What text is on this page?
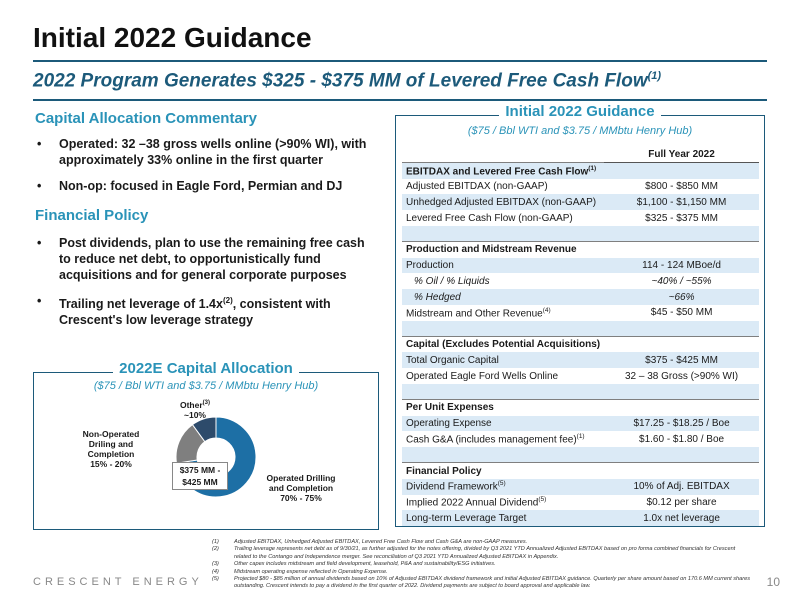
Initial 2022 Guidance
2022 Program Generates $325 - $375 MM of Levered Free Cash Flow$^{(1)}$
Capital Allocation Commentary
• Operated: 32 –38 gross wells online (>90% WI), with approximately 33% online in the first quarter
• Non-op: focused in Eagle Ford, Permian and DJ
Financial Policy
• Post dividends, plan to use the remaining free cash to reduce net debt, to opportunistically fund acquisitions and for general corporate purposes
• Trailing net leverage of $1.4x^{(2)}$, consistent with Crescent's low leverage strategy
2022E Capital Allocation
($75 / Bbl WTI and $3.75 / MMbtu Henry Hub)
$375 MM -
$425 MM
Other$^{(3)}$
~10%
Non-Operated Driling and Completion
15% - 20%
Operated Drilling and Completion
70% - 75%
Initial 2022 Guidance
($75 / Bbl WTI and $3.75 / MMbtu Henry Hub)
	Full Year 2022
EBITDAX and Levered Free Cash Flow$^{(1)}$	
Adjusted EBITDAX (non-GAAP)	$800 - $850 MM
Unhedged Adjusted EBITDAX (non-GAAP)	$1,100 - $1,150 MM
Levered Free Cash Flow (non-GAAP)	$325 - $375 MM

Production and Midstream Revenue	
Production	114 - 124 MBoe/d
% Oil / % Liquids	~40% / ~55%
% Hedged	~66%
Midstream and Other Revenue$^{(4)}$	$45 - $50 MM

Capital (Excludes Potential Acquisitions)	
Total Organic Capital	$375 - $425 MM
Operated Eagle Ford Wells Online	32 – 38 Gross (>90% WI)

Per Unit Expenses	
Operating Expense	$17.25 - $18.25 / Boe
Cash G&A (includes management fee)$^{(1)}$	$1.60 - $1.80 / Boe

Financial Policy	
Dividend Framework$^{(5)}$	10% of Adj. EBITDAX
Implied 2022 Annual Dividend$^{(5)}$	$0.12 per share
Long-term Leverage Target	1.0x net leverage
(1)	Adjusted EBITDAX, Unhedged Adjusted EBITDAX, Levered Free Cash Flow and Cash G&A are non-GAAP measures.
(2)	Trailing leverage represents net debt as of 9/30/21, as further adjusted for the notes offering, divided by Q3 2021 YTD Annualized Adjusted EBITDAX based on pro forma combined financials for Crescent related to the Contango and Independence merger. See reconciliation of Q3 2021 YTD Annualized Adjusted EBITDAX in Appendix.
(3)	Other capex includes midstream and field development, leasehold, P&A and sustainability/ESG initiatives.
(4)	Midstream operating expense reflected in Operating Expense.
(5)	Projected $80 - $85 million of annual dividends based on 10% of Adjusted EBITDAX dividend framework and initial Adjusted EBITDAX guidance. Quarterly per share amount based on 170.6 MM current shares outstanding. Crescent intends to pay a dividend in the first quarter of 2022. Dividend payments are subject to board approval and applicable law.
CRESCENT ENERGY	10
